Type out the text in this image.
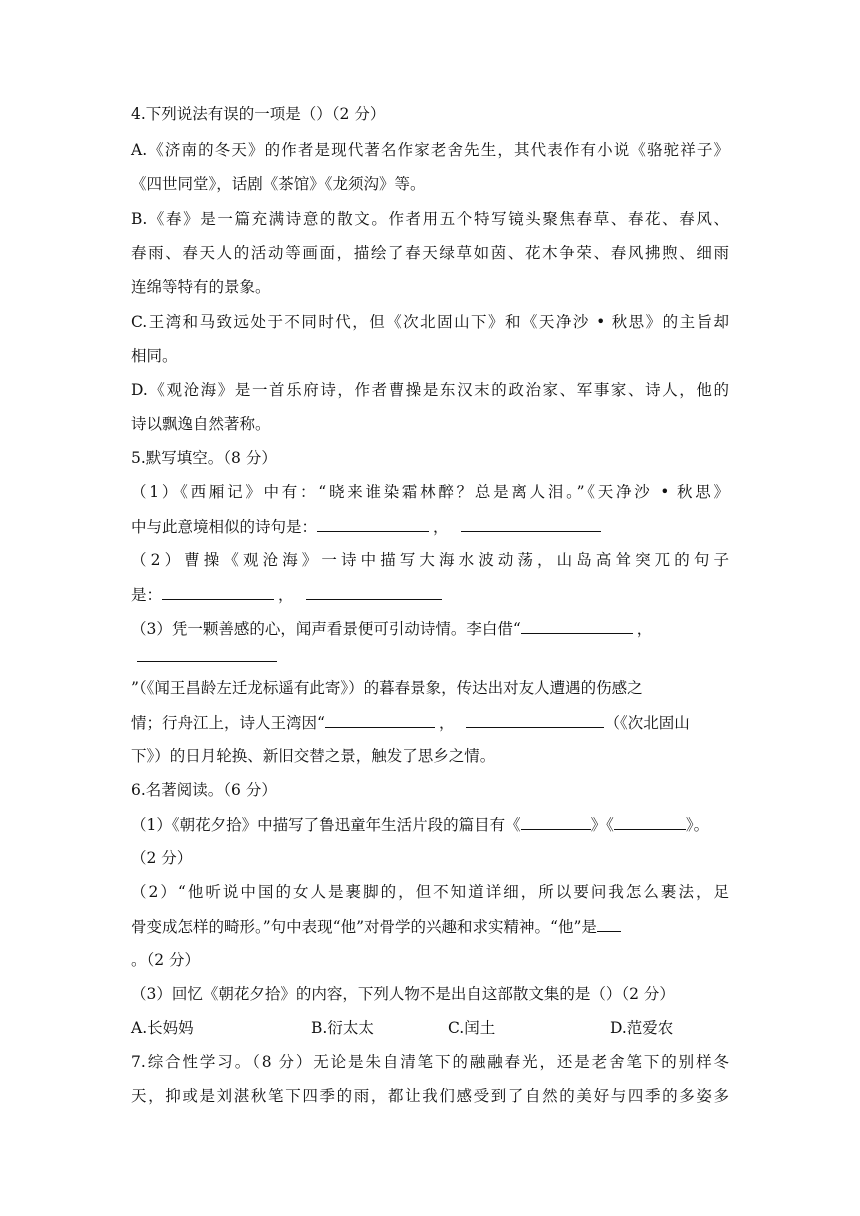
4.下列说法有误的一项是（）（2 分）
A.《济南的冬天》的作者是现代著名作家老舍先生，其代表作有小说《骆驼祥子》
《四世同堂》，话剧《茶馆》《龙须沟》等。
B.《春》是一篇充满诗意的散文。作者用五个特写镜头聚焦春草、春花、春风、
春雨、春天人的活动等画面，描绘了春天绿草如茵、花木争荣、春风拂煦、细雨
连绵等特有的景象。
C.王湾和马致远处于不同时代，但《次北固山下》和《天净沙 • 秋思》的主旨却
相同。
D.《观沧海》是一首乐府诗，作者曹操是东汉末的政治家、军事家、诗人，他的
诗以飘逸自然著称。
5.默写填空。（8 分）
（1）《西厢记》中有：“晓来谁染霜林醉？总是离人泪。”《天净沙 • 秋思》
中与此意境相似的诗句是：	，
（2）曹操《观沧海》一诗中描写大海水波动荡，山岛高耸突兀的句子
是：	，
（3）凭一颗善感的心，闻声看景便可引动诗情。李白借“	，
”（《闻王昌龄左迁龙标遥有此寄》）的暮春景象，传达出对友人遭遇的伤感之
情；行舟江上，诗人王湾因“	，	（《次北固山
下》）的日月轮换、新旧交替之景，触发了思乡之情。
6.名著阅读。（6 分）
（1）《朝花夕拾》中描写了鲁迅童年生活片段的篇目有《	》《	》。
（2 分）
（2）“他听说中国的女人是裹脚的，但不知道详细，所以要问我怎么裹法，足
骨变成怎样的畸形。”句中表现“他”对骨学的兴趣和求实精神。“他”是
。（2 分）
（3）回忆《朝花夕拾》的内容，下列人物不是出自这部散文集的是（）（2 分）
A.长妈妈	B.衍太太	C.闰土	D.范爱农
7.综合性学习。（8 分）无论是朱自清笔下的融融春光，还是老舍笔下的别样冬
天，抑或是刘湛秋笔下四季的雨，都让我们感受到了自然的美好与四季的多姿多
